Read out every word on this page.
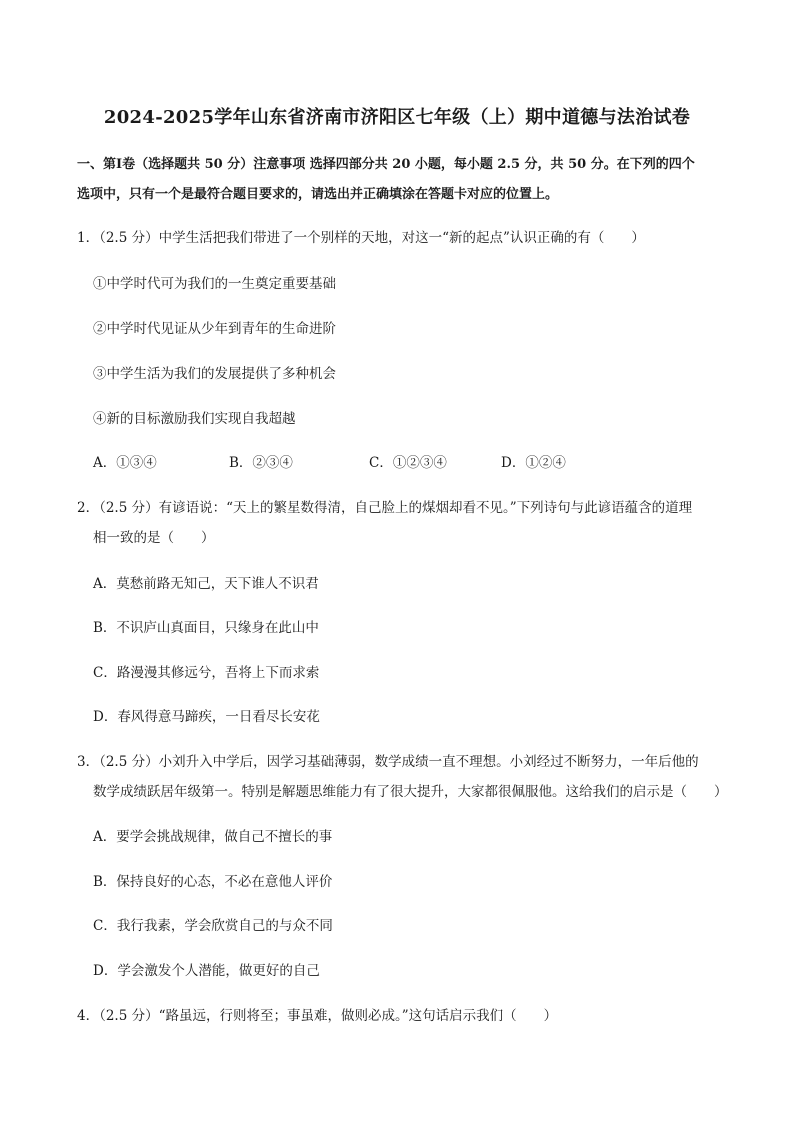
2024-2025学年山东省济南市济阳区七年级（上）期中道德与法治试卷
一、第Ⅰ卷（选择题共 50 分）注意事项 选择四部分共 20 小题，每小题 2.5 分，共 50 分。在下列的四个
选项中，只有一个是最符合题目要求的，请选出并正确填涂在答题卡对应的位置上。
1．（2.5 分）中学生活把我们带进了一个别样的天地，对这一“新的起点”认识正确的有（　　）
①中学时代可为我们的一生奠定重要基础
②中学时代见证从少年到青年的生命进阶
③中学生活为我们的发展提供了多种机会
④新的目标激励我们实现自我超越
A．①③④	B．②③④	C．①②③④	D．①②④
2．（2.5 分）有谚语说：“天上的繁星数得清，自己脸上的煤烟却看不见。”下列诗句与此谚语蕴含的道理
相一致的是（　　）
A．莫愁前路无知己，天下谁人不识君
B．不识庐山真面目，只缘身在此山中
C．路漫漫其修远兮，吾将上下而求索
D．春风得意马蹄疾，一日看尽长安花
3．（2.5 分）小刘升入中学后，因学习基础薄弱，数学成绩一直不理想。小刘经过不断努力，一年后他的
数学成绩跃居年级第一。特别是解题思维能力有了很大提升，大家都很佩服他。这给我们的启示是（　　）
A．要学会挑战规律，做自己不擅长的事
B．保持良好的心态，不必在意他人评价
C．我行我素，学会欣赏自己的与众不同
D．学会激发个人潜能，做更好的自己
4．（2.5 分）“路虽远，行则将至；事虽难，做则必成。”这句话启示我们（　　）
